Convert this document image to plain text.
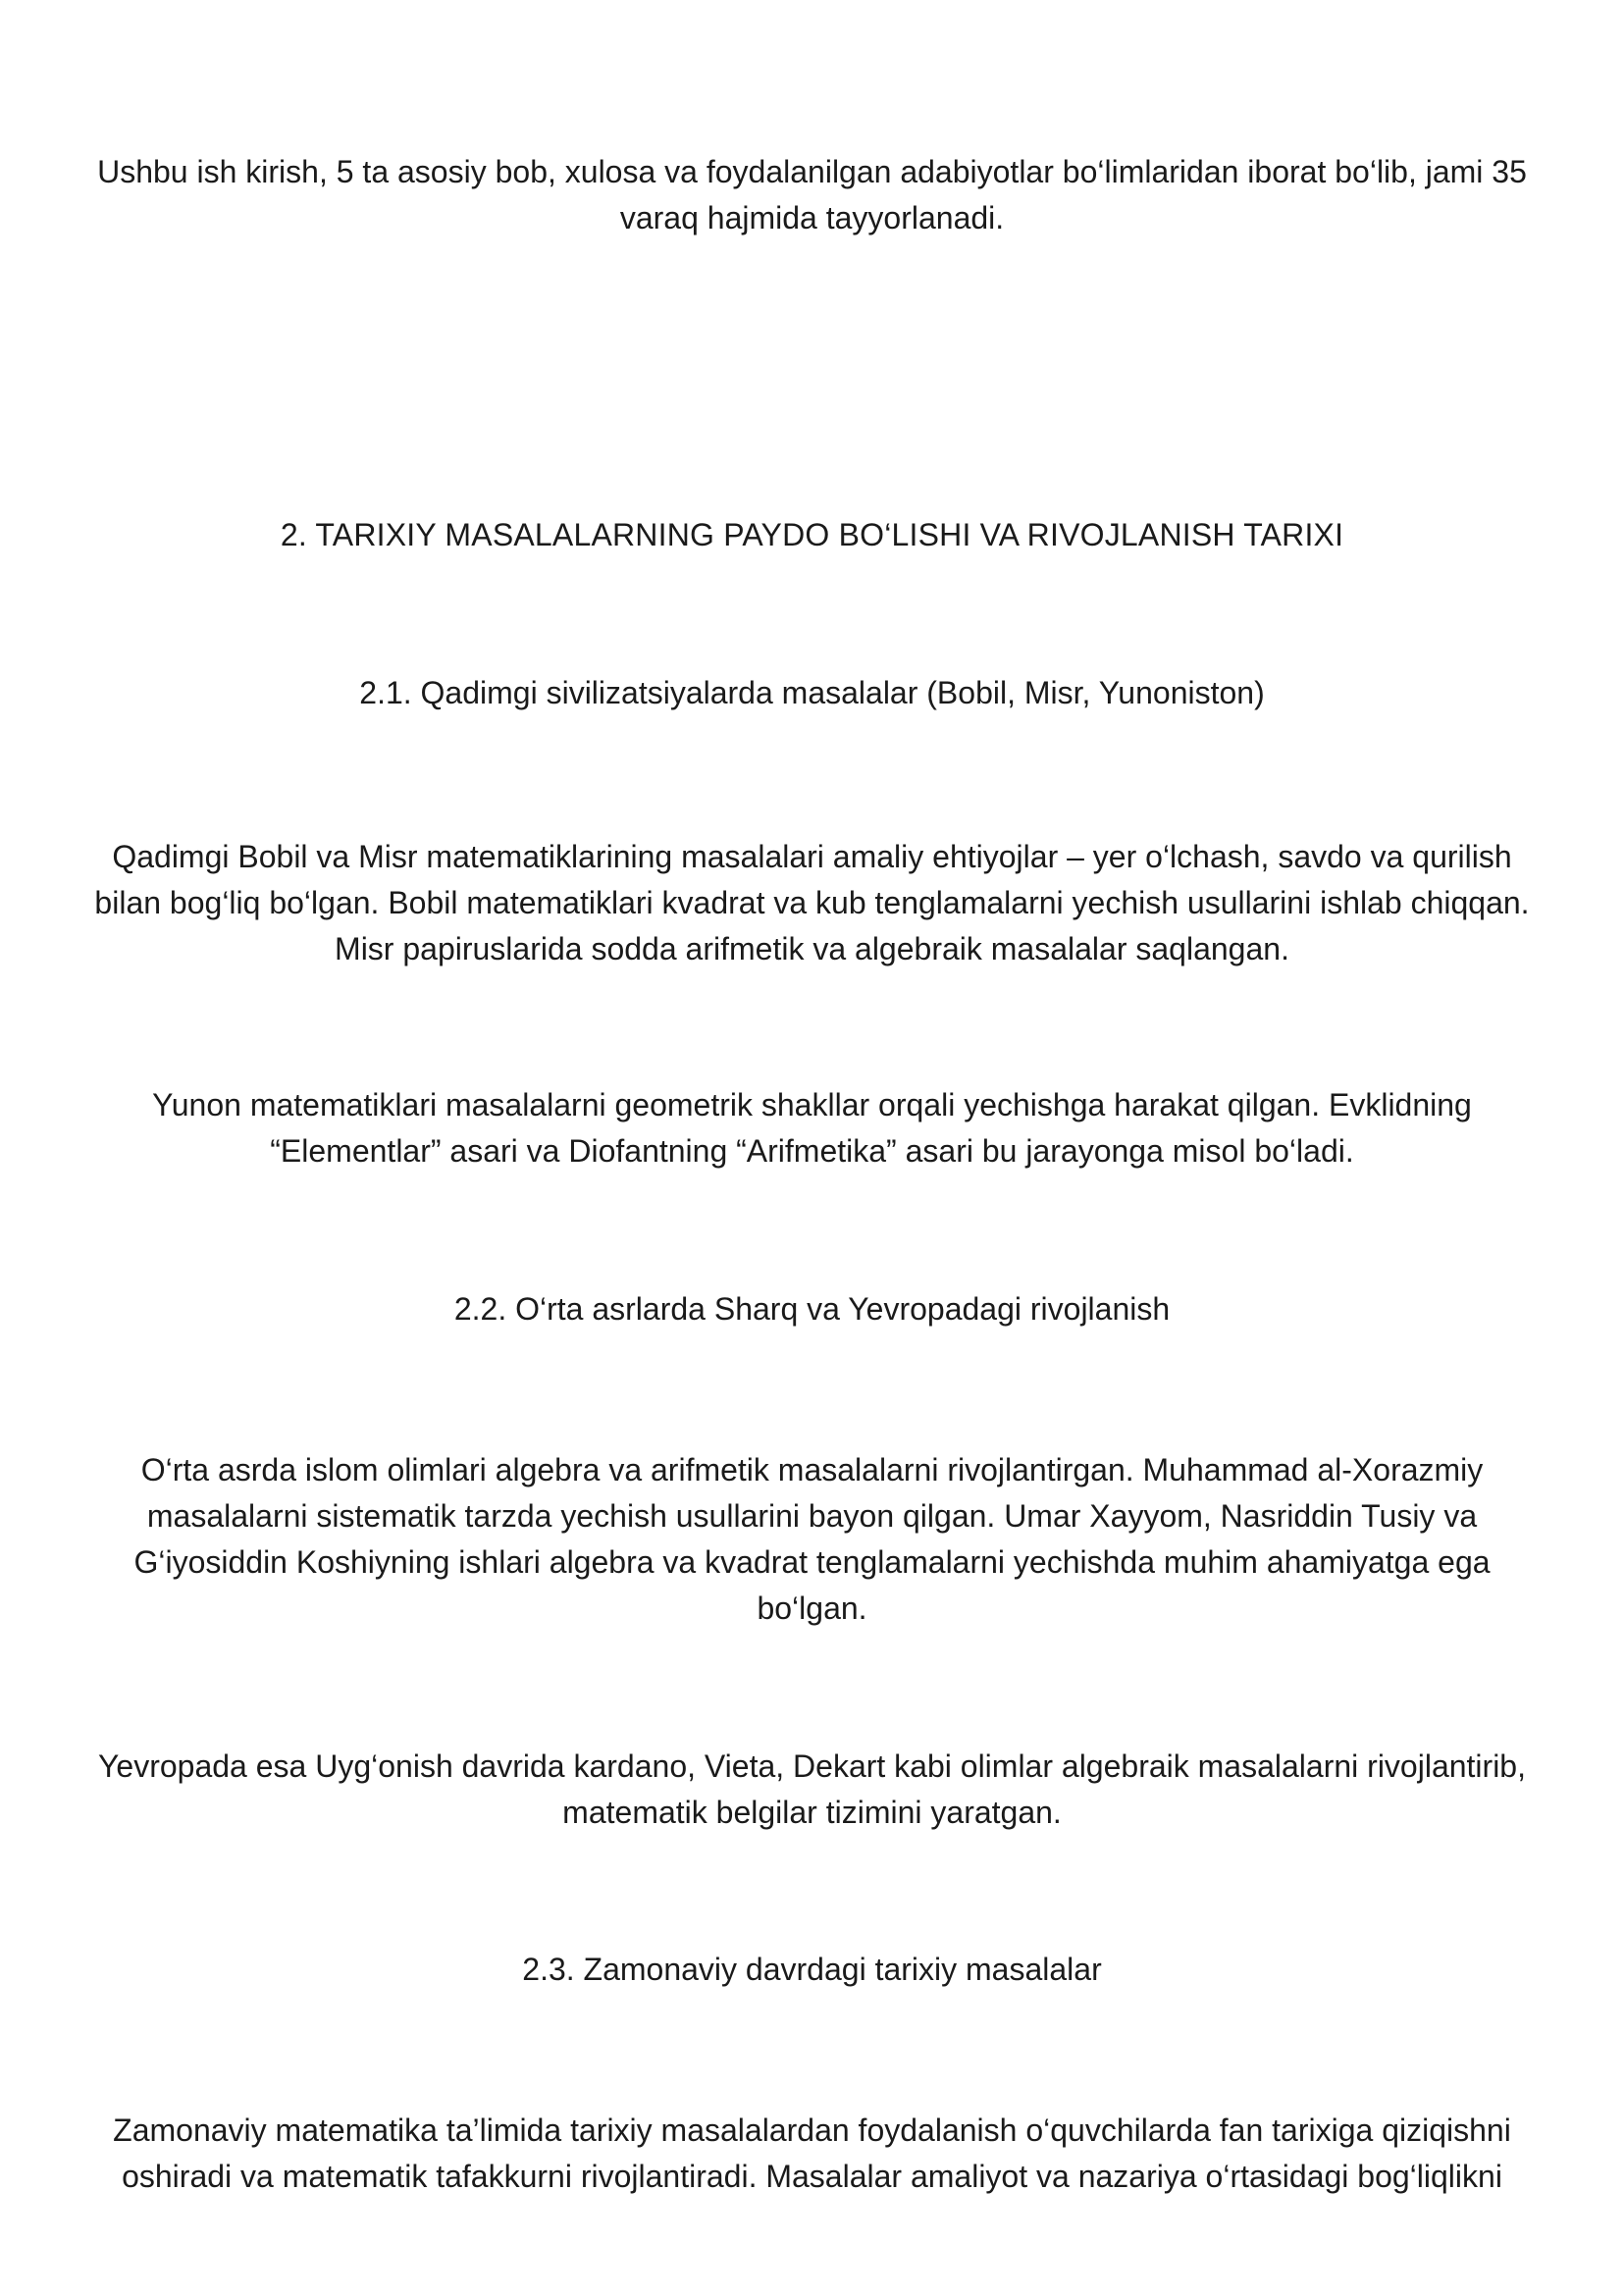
Ushbu ish kirish, 5 ta asosiy bob, xulosa va foydalanilgan adabiyotlar bo‘limlaridan iborat bo‘lib, jami 35 varaq hajmida tayyorlanadi.

2. TARIXIY MASALALARNING PAYDO BO‘LISHI VA RIVOJLANISH TARIXI
2.1. Qadimgi sivilizatsiyalarda masalalar (Bobil, Misr, Yunoniston)

Qadimgi Bobil va Misr matematiklarining masalalari amaliy ehtiyojlar – yer o‘lchash, savdo va qurilish bilan bog‘liq bo‘lgan. Bobil matematiklari kvadrat va kub tenglamalarni yechish usullarini ishlab chiqqan. Misr papiruslarida sodda arifmetik va algebraik masalalar saqlangan.

Yunon matematiklari masalalarni geometrik shakllar orqali yechishga harakat qilgan. Evklidning “Elementlar” asari va Diofantning “Arifmetika” asari bu jarayonga misol bo‘ladi.

2.2. O‘rta asrlarda Sharq va Yevropadagi rivojlanish

O‘rta asrda islom olimlari algebra va arifmetik masalalarni rivojlantirgan. Muhammad al-Xorazmiy masalalarni sistematik tarzda yechish usullarini bayon qilgan. Umar Xayyom, Nasriddin Tusiy va G‘iyosiddin Koshiyning ishlari algebra va kvadrat tenglamalarni yechishda muhim ahamiyatga ega bo‘lgan.

Yevropada esa Uyg‘onish davrida kardano, Vieta, Dekart kabi olimlar algebraik masalalarni rivojlantirib, matematik belgilar tizimini yaratgan.

2.3. Zamonaviy davrdagi tarixiy masalalar

Zamonaviy matematika ta’limida tarixiy masalalardan foydalanish o‘quvchilarda fan tarixiga qiziqishni oshiradi va matematik tafakkurni rivojlantiradi. Masalalar amaliyot va nazariya o‘rtasidagi bog‘liqlikni
